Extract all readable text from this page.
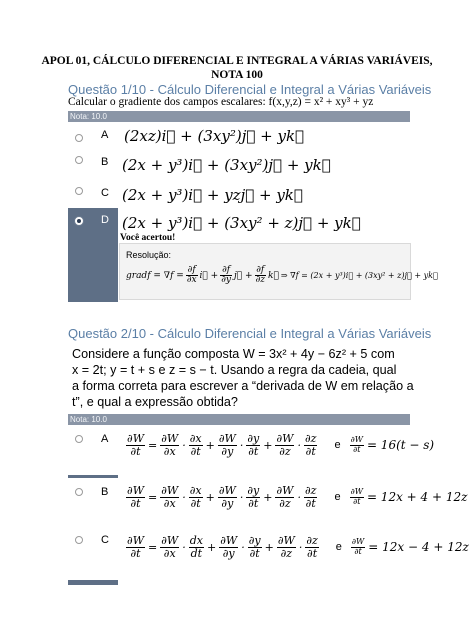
APOL 01, CÁLCULO DIFERENCIAL E INTEGRAL A VÁRIAS VARIÁVEIS,
NOTA 100
Questão 1/10 - Cálculo Diferencial e Integral a Várias Variáveis
Calcular o gradiente dos campos escalares: f(x,y,z) = x² + xy³ + yz
Nota: 10.0
A (2xz)i⃗ + (3xy²)j⃗ + yk⃗
B (2x + y³)i⃗ + (3xy²)j⃗ + yk⃗
C (2x + y³)i⃗ + yzj⃗ + yk⃗
D (2x + y³)i⃗ + (3xy² + z)j⃗ + yk⃗
Você acertou!
Resolução:
gradf = $\nabla f = \frac{\partial f}{\partial x}$ i⃗ + $\frac{\partial f}{\partial y}$ j⃗ + $\frac{\partial f}{\partial z}$ k⃗ ⇒ ∇f = (2x + y³)i⃗ + (3xy² + z)j⃗ + yk⃗
Questão 2/10 - Cálculo Diferencial e Integral a Várias Variáveis
Considere a função composta W = 3x² + 4y − 6z² + 5 com
x = 2t; y = t + s e z = s − t. Usando a regra da cadeia, qual
a forma correta para escrever a “derivada de W em relação a
t”, e qual a expressão obtida?
Nota: 10.0
A $\frac{\partial W}{\partial t} = \frac{\partial W}{\partial x} \cdot \frac{\partial x}{\partial t} + \frac{\partial W}{\partial y} \cdot \frac{\partial y}{\partial t} + \frac{\partial W}{\partial z} \cdot \frac{\partial z}{\partial t}$ e $\frac{\partial W}{\partial t} = 16(t - s)$
B $\frac{\partial W}{\partial t} = \frac{\partial W}{\partial x} \cdot \frac{\partial x}{\partial t} + \frac{\partial W}{\partial y} \cdot \frac{\partial y}{\partial t} + \frac{\partial W}{\partial z} \cdot \frac{\partial z}{\partial t}$ e $\frac{\partial W}{\partial t} = 12x + 4 + 12z$
C $\frac{\partial W}{\partial t} = \frac{\partial W}{\partial x} \cdot \frac{dx}{dt} + \frac{\partial W}{\partial y} \cdot \frac{\partial y}{\partial t} + \frac{\partial W}{\partial z} \cdot \frac{\partial z}{\partial t}$ e $\frac{\partial W}{\partial t} = 12x - 4 + 12z$
